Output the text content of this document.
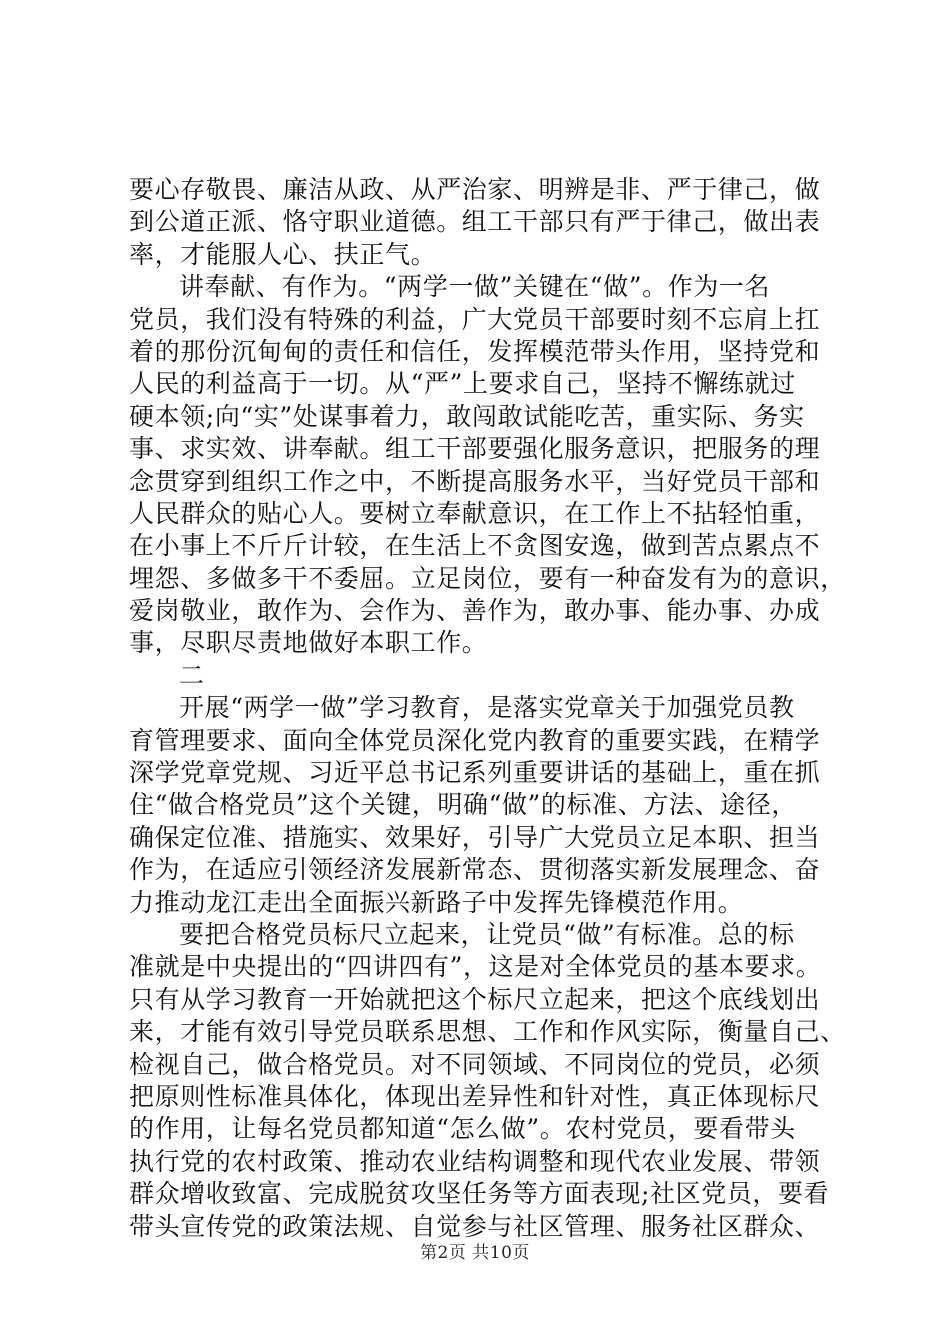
要心存敬畏、廉洁从政、从严治家、明辨是非、严于律己，做
到公道正派、恪守职业道德。组工干部只有严于律己，做出表
率，才能服人心、扶正气。
讲奉献、有作为。“两学一做”关键在“做”。作为一名
党员，我们没有特殊的利益，广大党员干部要时刻不忘肩上扛
着的那份沉甸甸的责任和信任，发挥模范带头作用，坚持党和
人民的利益高于一切。从“严”上要求自己，坚持不懈练就过
硬本领;向“实”处谋事着力，敢闯敢试能吃苦，重实际、务实
事、求实效、讲奉献。组工干部要强化服务意识，把服务的理
念贯穿到组织工作之中，不断提高服务水平，当好党员干部和
人民群众的贴心人。要树立奉献意识，在工作上不拈轻怕重，
在小事上不斤斤计较，在生活上不贪图安逸，做到苦点累点不
埋怨、多做多干不委屈。立足岗位，要有一种奋发有为的意识，
爱岗敬业，敢作为、会作为、善作为，敢办事、能办事、办成
事，尽职尽责地做好本职工作。
二
开展“两学一做”学习教育，是落实党章关于加强党员教
育管理要求、面向全体党员深化党内教育的重要实践，在精学
深学党章党规、习近平总书记系列重要讲话的基础上，重在抓
住“做合格党员”这个关键，明确“做”的标准、方法、途径，
确保定位准、措施实、效果好，引导广大党员立足本职、担当
作为，在适应引领经济发展新常态、贯彻落实新发展理念、奋
力推动龙江走出全面振兴新路子中发挥先锋模范作用。
要把合格党员标尺立起来，让党员“做”有标准。总的标
准就是中央提出的“四讲四有”，这是对全体党员的基本要求。
只有从学习教育一开始就把这个标尺立起来，把这个底线划出
来，才能有效引导党员联系思想、工作和作风实际，衡量自己、
检视自己，做合格党员。对不同领域、不同岗位的党员，必须
把原则性标准具体化，体现出差异性和针对性，真正体现标尺
的作用，让每名党员都知道“怎么做”。农村党员，要看带头
执行党的农村政策、推动农业结构调整和现代农业发展、带领
群众增收致富、完成脱贫攻坚任务等方面表现;社区党员，要看
带头宣传党的政策法规、自觉参与社区管理、服务社区群众、
第2页 共10页
